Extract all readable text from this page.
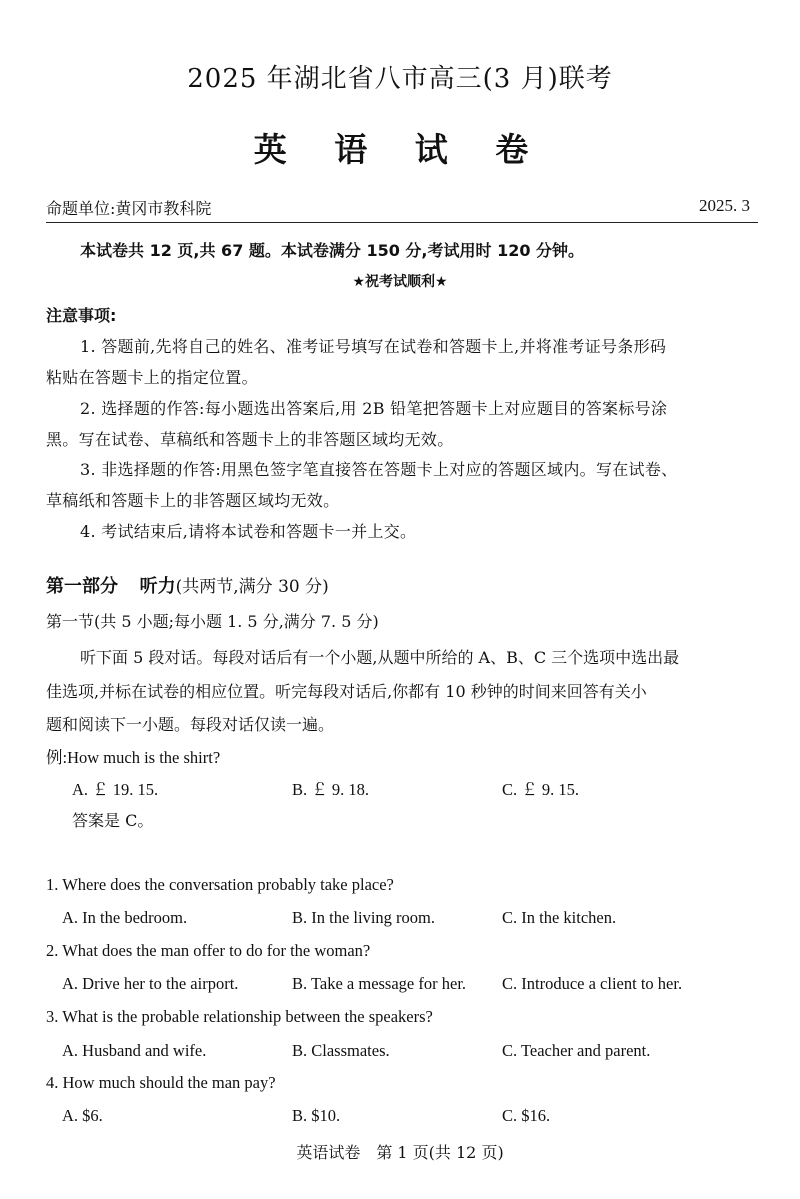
2025 年湖北省八市高三(3 月)联考
英 语 试 卷
命题单位:黄冈市教科院	2025. 3
本试卷共 12 页,共 67 题。本试卷满分 150 分,考试用时 120 分钟。
★祝考试顺利★
注意事项:
1. 答题前,先将自己的姓名、准考证号填写在试卷和答题卡上,并将准考证号条形码
粘贴在答题卡上的指定位置。
2. 选择题的作答:每小题选出答案后,用 2B 铅笔把答题卡上对应题目的答案标号涂
黑。写在试卷、草稿纸和答题卡上的非答题区域均无效。
3. 非选择题的作答:用黑色签字笔直接答在答题卡上对应的答题区域内。写在试卷、
草稿纸和答题卡上的非答题区域均无效。
4. 考试结束后,请将本试卷和答题卡一并上交。
第一部分 听力(共两节,满分 30 分)
第一节(共 5 小题;每小题 1. 5 分,满分 7. 5 分)
听下面 5 段对话。每段对话后有一个小题,从题中所给的 A、B、C 三个选项中选出最
佳选项,并标在试卷的相应位置。听完每段对话后,你都有 10 秒钟的时间来回答有关小
题和阅读下一小题。每段对话仅读一遍。
例:How much is the shirt?
A. ￡ 19. 15.	B. ￡ 9. 18.	C. ￡ 9. 15.
答案是 C。
1. Where does the conversation probably take place?
A. In the bedroom.	B. In the living room.	C. In the kitchen.
2. What does the man offer to do for the woman?
A. Drive her to the airport.	B. Take a message for her. C. Introduce a client to her.
3. What is the probable relationship between the speakers?
A. Husband and wife.	B. Classmates.	C. Teacher and parent.
4. How much should the man pay?
A. $6.	B. $10.	C. $16.
英语试卷　第 1 页(共 12 页)
